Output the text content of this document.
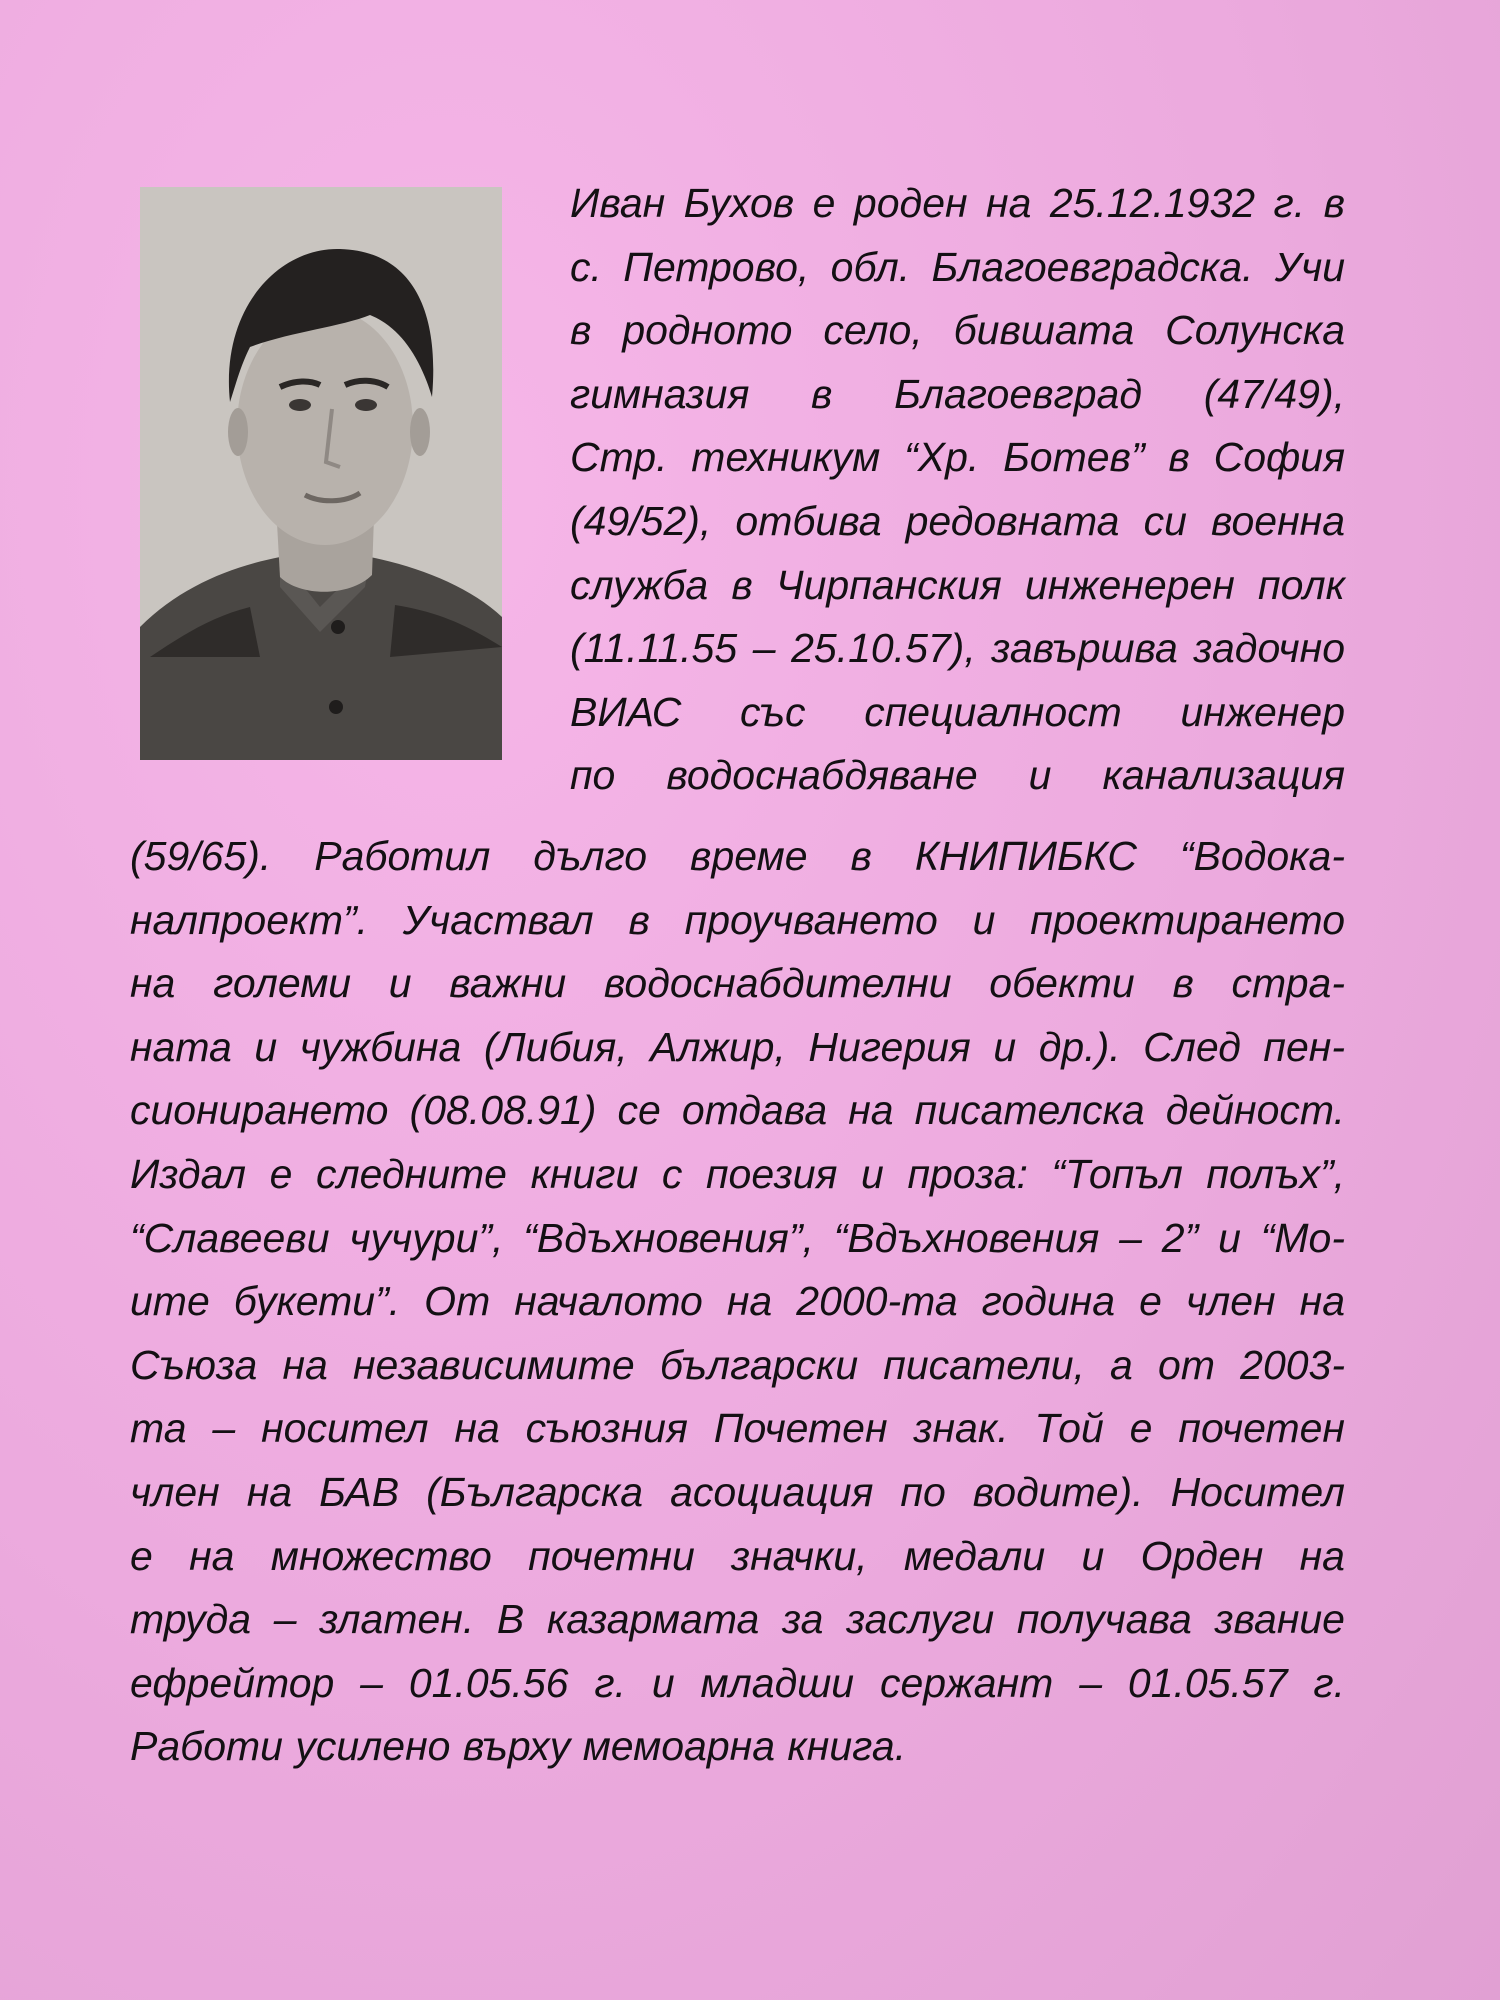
Иван Бухов е роден на 25.12.1932 г. в
с. Петрово, обл. Благоевградска. Учи
в родното село, бившата Солунска
гимназия в Благоевград (47/49),
Стр. техникум “Хр. Ботев” в София
(49/52), отбива редовната си военна
служба в Чирпанския инженерен полк
(11.11.55 – 25.10.57), завършва задочно
ВИАС със специалност инженер
по водоснабдяване и канализация

(59/65). Работил дълго време в КНИПИБКС “Водока-
налпроект”. Участвал в проучването и проектирането
на големи и важни водоснабдителни обекти в стра-
ната и чужбина (Либия, Алжир, Нигерия и др.). След пен-
сионирането (08.08.91) се отдава на писателска дейност.
Издал е следните книги с поезия и проза: “Топъл полъх”,
“Славееви чучури”, “Вдъхновения”, “Вдъхновения – 2” и “Мо-
ите букети”. От началото на 2000-та година е член на
Съюза на независимите български писатели, а от 2003-
та – носител на съюзния Почетен знак. Той е почетен
член на БАВ (Българска асоциация по водите). Носител
е на множество почетни значки, медали и Орден на
труда – златен. В казармата за заслуги получава звание
ефрейтор – 01.05.56 г. и младши сержант – 01.05.57 г.
Работи усилено върху мемоарна книга.
